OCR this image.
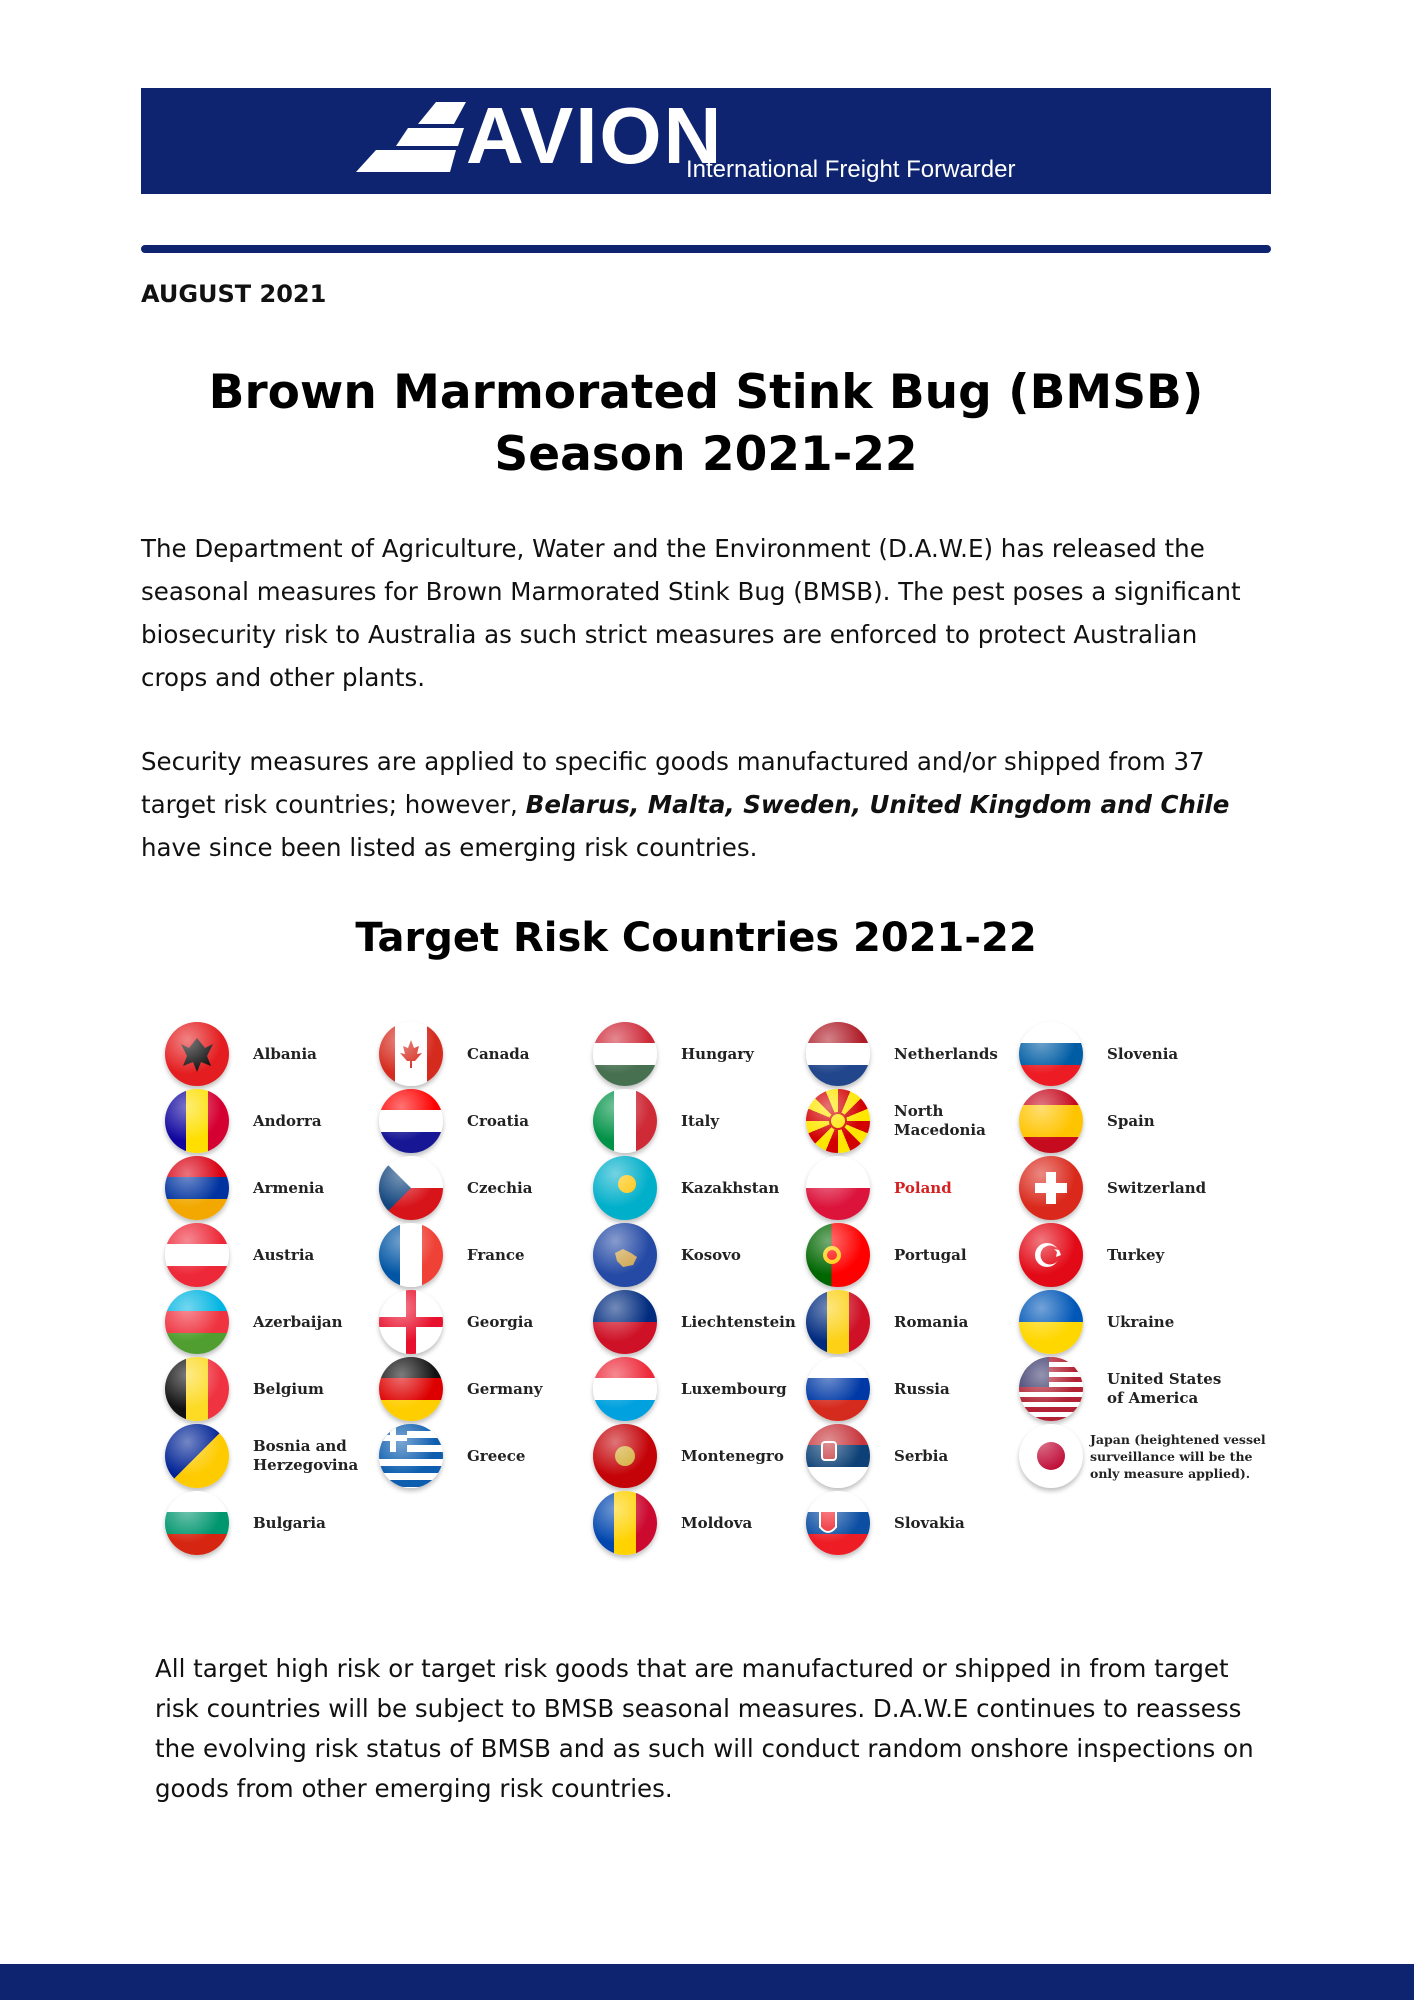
AVION
International Freight Forwarder
AUGUST 2021
Brown Marmorated Stink Bug (BMSB) Season 2021-22

The Department of Agriculture, Water and the Environment (D.A.W.E) has released the seasonal measures for Brown Marmorated Stink Bug (BMSB). The pest poses a significant biosecurity risk to Australia as such strict measures are enforced to protect Australian crops and other plants.

Security measures are applied to specific goods manufactured and/or shipped from 37 target risk countries; however, Belarus, Malta, Sweden, United Kingdom and Chile have since been listed as emerging risk countries.

Target Risk Countries 2021-22
Albania
Andorra
Armenia
Austria
Azerbaijan
Belgium
Bosnia and Herzegovina
Bulgaria
Canada
Croatia
Czechia
France
Georgia
Germany
Greece
Hungary
Italy
Kazakhstan
Kosovo
Liechtenstein
Luxembourg
Montenegro
Moldova
Netherlands
North Macedonia
Poland
Portugal
Romania
Russia
Serbia
Slovakia
Slovenia
Spain
Switzerland
Turkey
Ukraine
United States of America
Japan (heightened vessel surveillance will be the only measure applied).

All target high risk or target risk goods that are manufactured or shipped in from target risk countries will be subject to BMSB seasonal measures. D.A.W.E continues to reassess the evolving risk status of BMSB and as such will conduct random onshore inspections on goods from other emerging risk countries.
